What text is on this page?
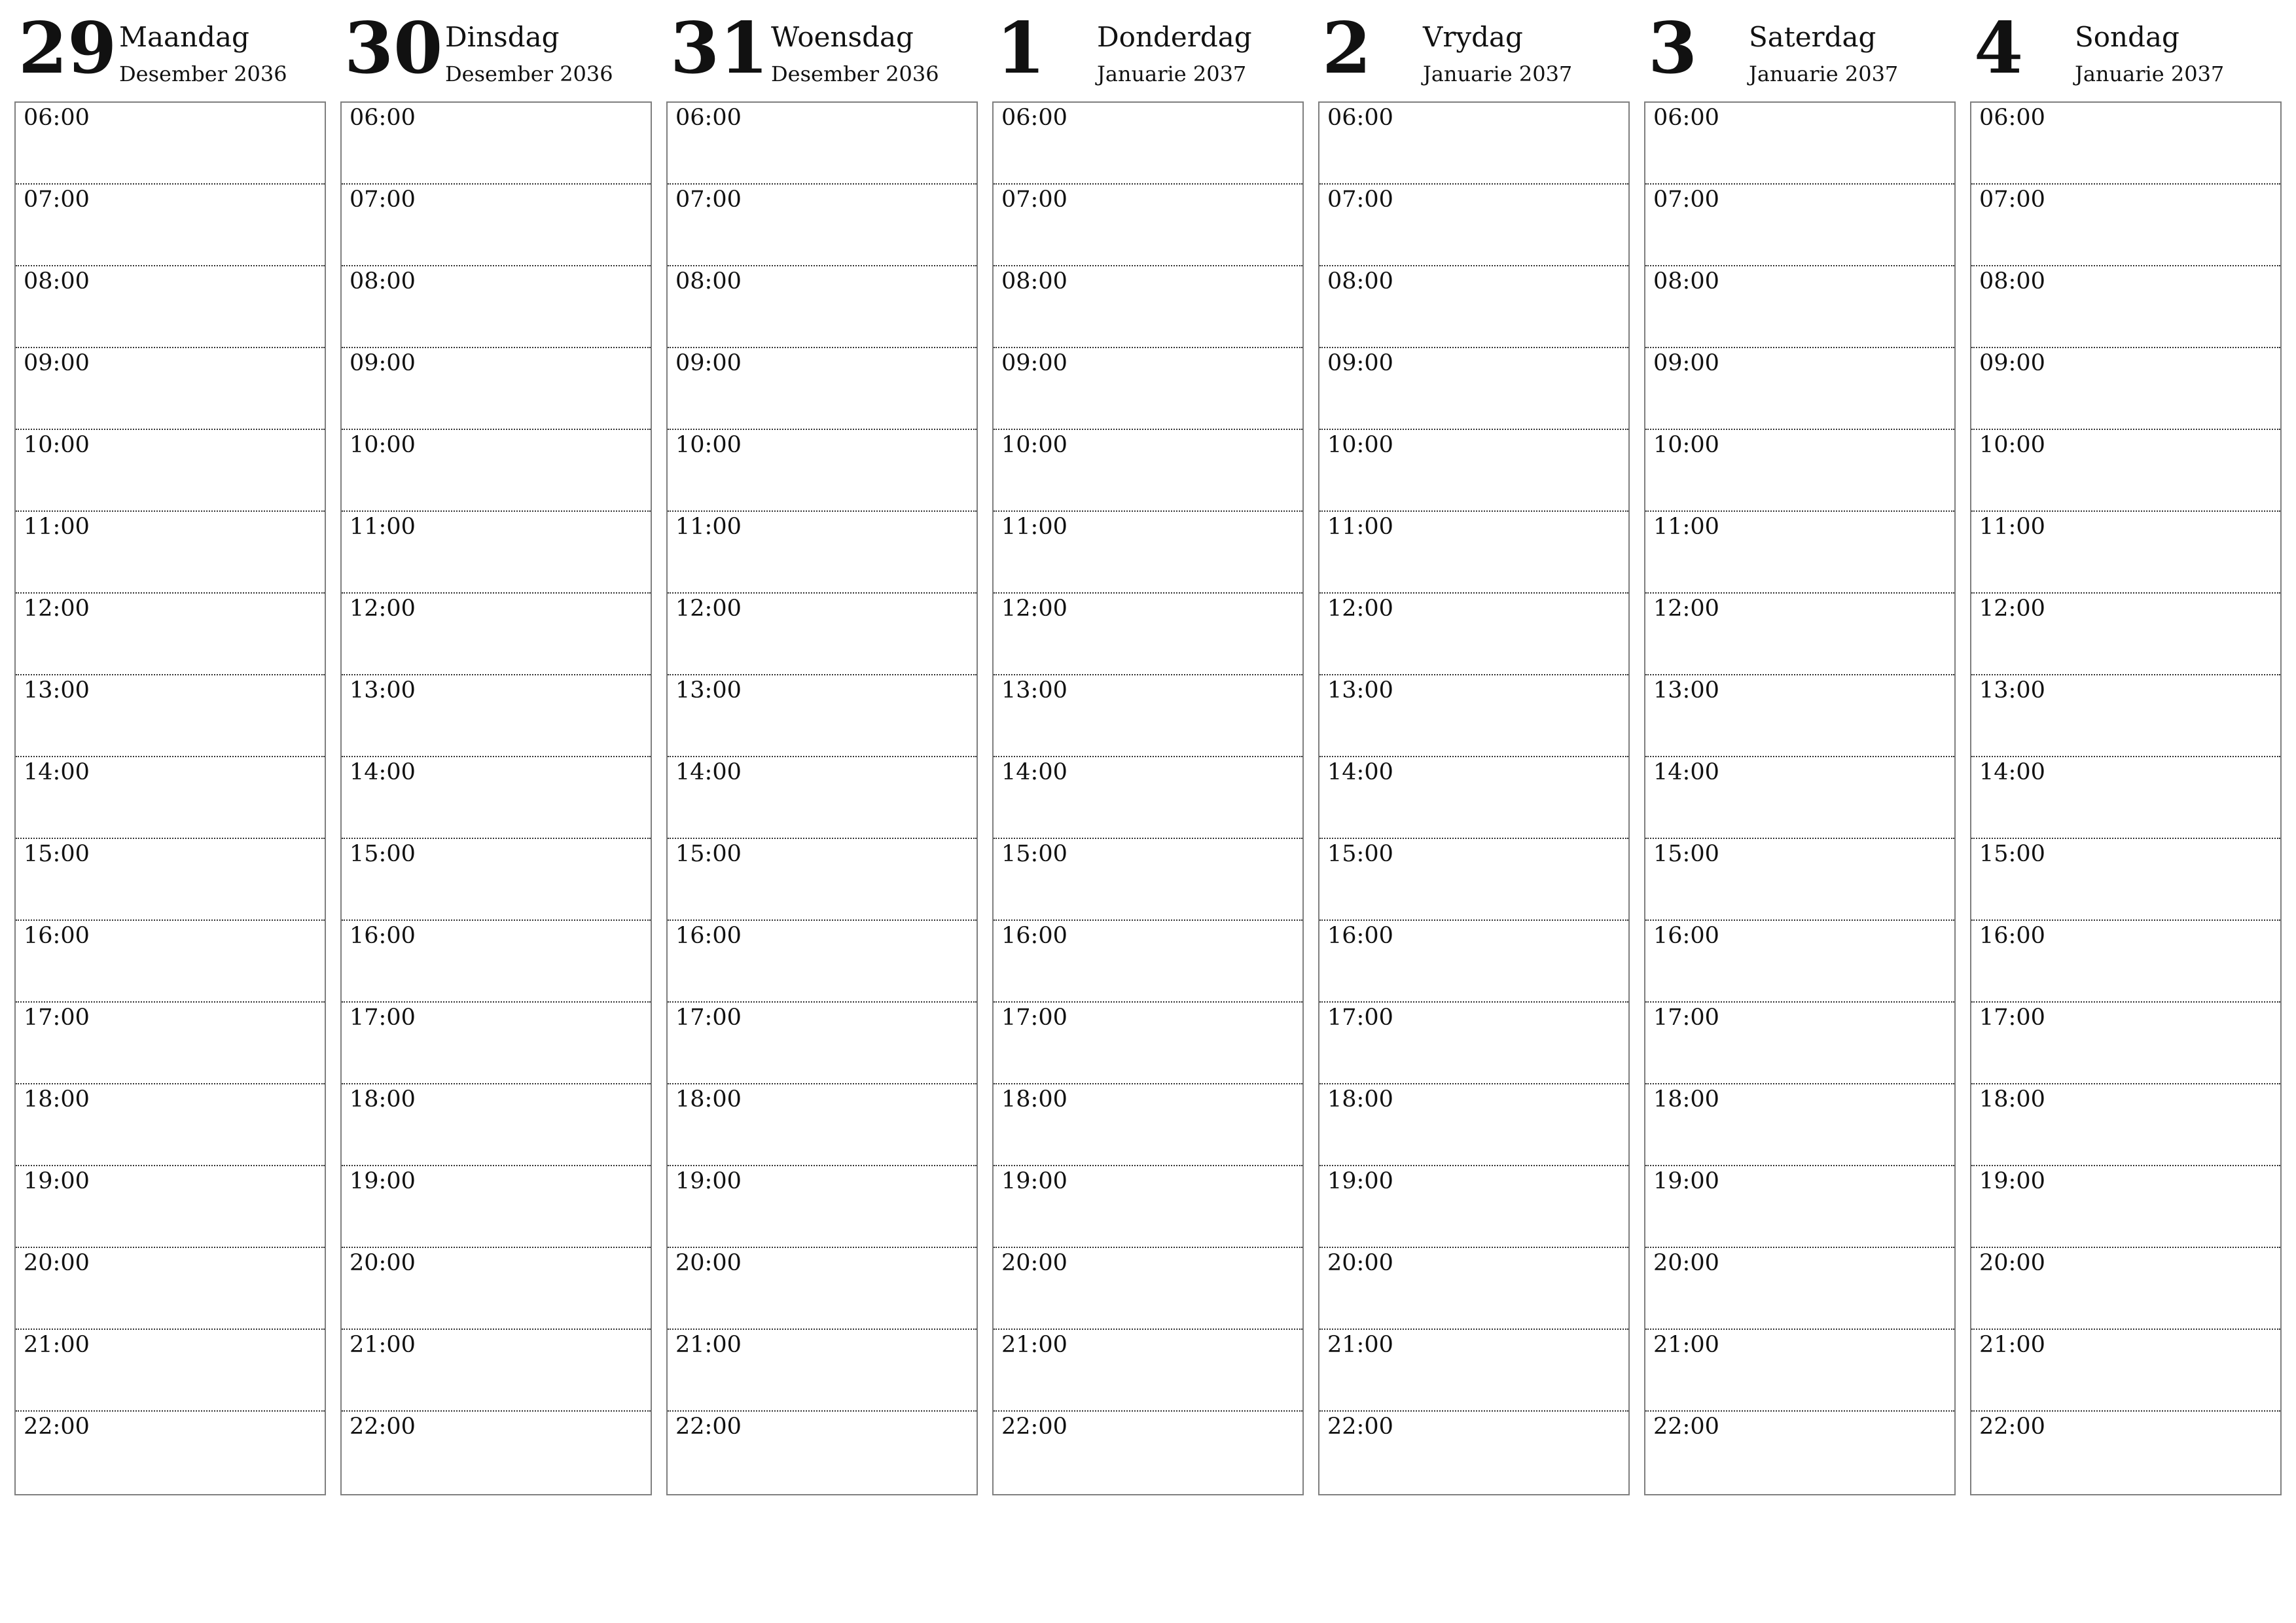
29 Maandag
Desember 2036
06:00
07:00
08:00
09:00
10:00
11:00
12:00
13:00
14:00
15:00
16:00
17:00
18:00
19:00
20:00
21:00
22:00
30 Dinsdag
Desember 2036
06:00
07:00
08:00
09:00
10:00
11:00
12:00
13:00
14:00
15:00
16:00
17:00
18:00
19:00
20:00
21:00
22:00
31 Woensdag
Desember 2036
06:00
07:00
08:00
09:00
10:00
11:00
12:00
13:00
14:00
15:00
16:00
17:00
18:00
19:00
20:00
21:00
22:00
1 Donderdag
Januarie 2037
06:00
07:00
08:00
09:00
10:00
11:00
12:00
13:00
14:00
15:00
16:00
17:00
18:00
19:00
20:00
21:00
22:00
2 Vrydag
Januarie 2037
06:00
07:00
08:00
09:00
10:00
11:00
12:00
13:00
14:00
15:00
16:00
17:00
18:00
19:00
20:00
21:00
22:00
3 Saterdag
Januarie 2037
06:00
07:00
08:00
09:00
10:00
11:00
12:00
13:00
14:00
15:00
16:00
17:00
18:00
19:00
20:00
21:00
22:00
4 Sondag
Januarie 2037
06:00
07:00
08:00
09:00
10:00
11:00
12:00
13:00
14:00
15:00
16:00
17:00
18:00
19:00
20:00
21:00
22:00
